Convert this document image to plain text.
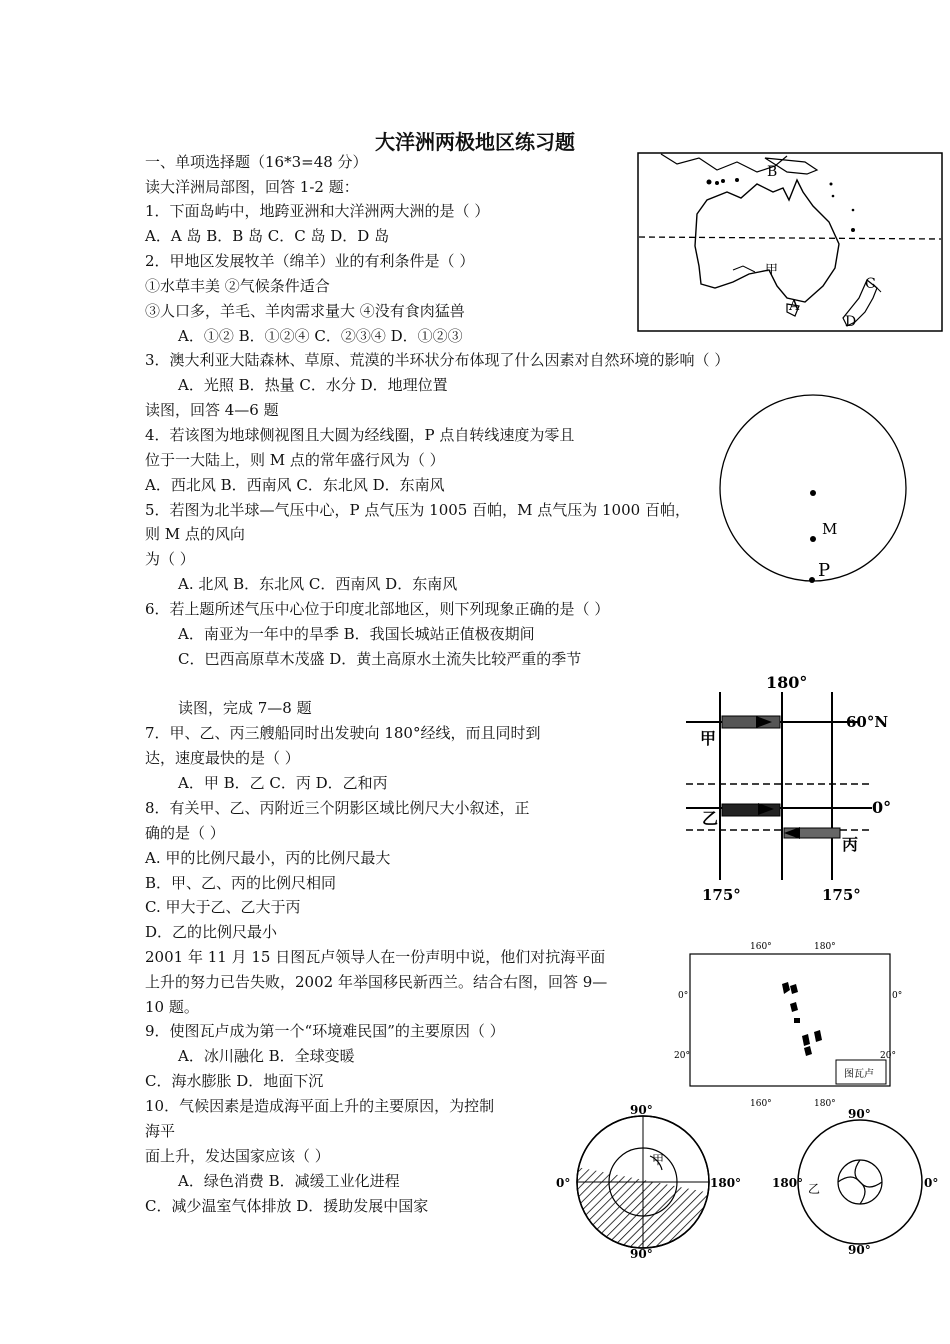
大洋洲两极地区练习题
一、单项选择题（16*3=48 分）
读大洋洲局部图，回答 1-2 题：
1．下面岛屿中，地跨亚洲和大洋洲两大洲的是（ ）
A．A 岛 B．B 岛 C．C 岛 D．D 岛
2．甲地区发展牧羊（绵羊）业的有利条件是（ ）
①水草丰美 ②气候条件适合
③人口多，羊毛、羊肉需求量大 ④没有食肉猛兽
A．①② B．①②④ C．②③④ D．①②③
3．澳大利亚大陆森林、草原、荒漠的半环状分布体现了什么因素对自然环境的影响（ ）
A．光照 B．热量 C．水分 D．地理位置
读图，回答 4—6 题
4．若该图为地球侧视图且大圆为经线圈，P 点自转线速度为零且
位于一大陆上，则 M 点的常年盛行风为（ ）
A．西北风 B．西南风 C．东北风 D．东南风
5．若图为北半球—气压中心，P 点气压为 1005 百帕，M 点气压为 1000 百帕，
则 M 点的风向
为（ ）
A. 北风 B．东北风 C．西南风 D．东南风
6．若上题所述气压中心位于印度北部地区，则下列现象正确的是（ ）
A．南亚为一年中的旱季 B．我国长城站正值极夜期间
C．巴西高原草木茂盛 D．黄土高原水土流失比较严重的季节
读图，完成 7—8 题
7．甲、乙、丙三艘船同时出发驶向 180°经线，而且同时到
达，速度最快的是（ ）
A．甲 B．乙 C．丙 D．乙和丙
8．有关甲、乙、丙附近三个阴影区域比例尺大小叙述，正
确的是（ ）
A. 甲的比例尺最小，丙的比例尺最大
B．甲、乙、丙的比例尺相同
C. 甲大于乙、乙大于丙
D．乙的比例尺最小
2001 年 11 月 15 日图瓦卢领导人在一份声明中说，他们对抗海平面
上升的努力已告失败，2002 年举国移民新西兰。结合右图，回答 9—
10 题。
9．使图瓦卢成为第一个“环境难民国”的主要原因（ ）
A．冰川融化 B．全球变暖
C．海水膨胀 D．地面下沉
10．气候因素是造成海平面上升的主要原因，为控制
海平
面上升，发达国家应该（ ）
A．绿色消费 B．减缓工业化进程
C．减少温室气体排放 D．援助发展中国家
B
甲
C
A
D
M
P
180°
60°N
甲
0°
乙
丙
175°	175°
160°	180°
0°	0°
20°	20°
160°	180°
图瓦卢
90°
0°	180°
90°
甲
90°
180°	0°
90°
乙
